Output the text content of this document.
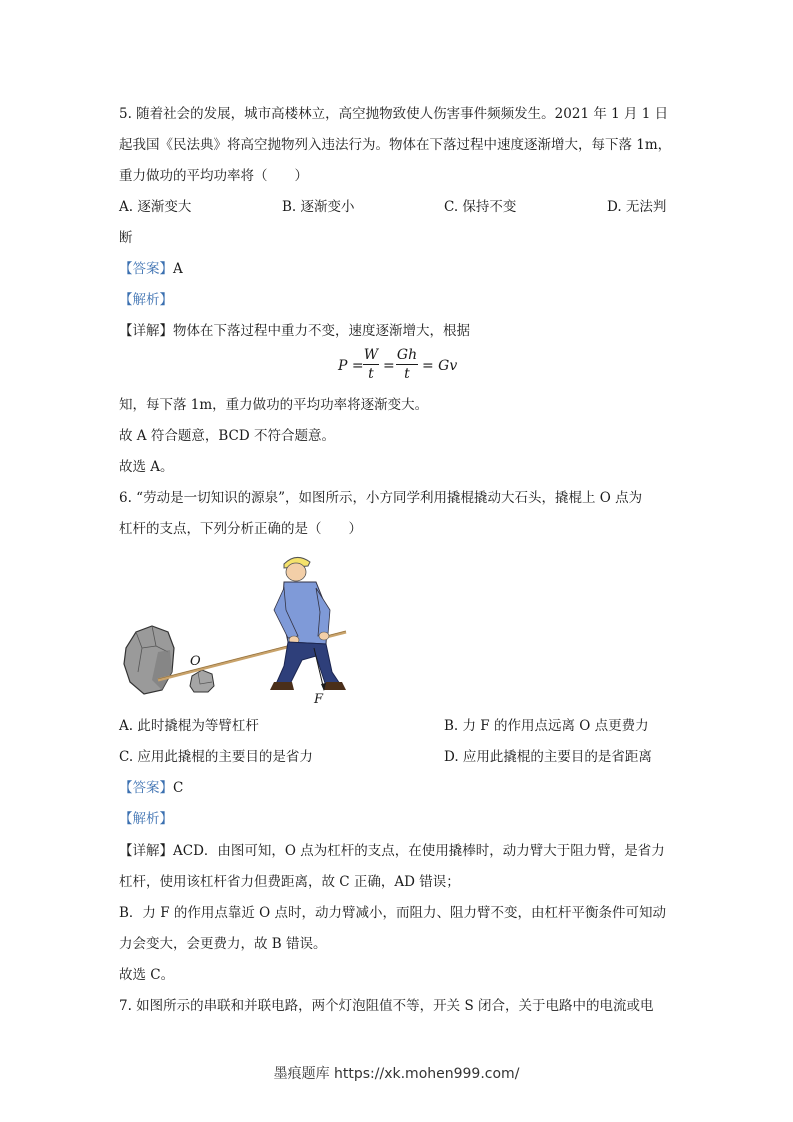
5. 随着社会的发展，城市高楼林立，高空抛物致使人伤害事件频频发生。2021 年 1 月 1 日
起我国《民法典》将高空抛物列入违法行为。物体在下落过程中速度逐渐增大，每下落 1m，
重力做功的平均功率将（　　）
A. 逐渐变大	B. 逐渐变小	C. 保持不变	D. 无法判
断
【答案】A
【解析】
【详解】物体在下落过程中重力不变，速度逐渐增大，根据
P =
W
t =
Gh
t = Gv
知，每下落 1m，重力做功的平均功率将逐渐变大。
故 A 符合题意，BCD 不符合题意。
故选 A。
6. “劳动是一切知识的源泉”，如图所示，小方同学利用撬棍撬动大石头，撬棍上 O 点为
杠杆的支点，下列分析正确的是（　　）
O
F
A. 此时撬棍为等臂杠杆	B. 力 F 的作用点远离 O 点更费力
C. 应用此撬棍的主要目的是省力	D. 应用此撬棍的主要目的是省距离
【答案】C
【解析】
【详解】ACD．由图可知，O 点为杠杆的支点，在使用撬棒时，动力臂大于阻力臂，是省力
杠杆，使用该杠杆省力但费距离，故 C 正确，AD 错误；
B．力 F 的作用点靠近 O 点时，动力臂减小，而阻力、阻力臂不变，由杠杆平衡条件可知动
力会变大，会更费力，故 B 错误。
故选 C。
7. 如图所示的串联和并联电路，两个灯泡阻值不等，开关 S 闭合，关于电路中的电流或电
墨痕题库 https://xk.mohen999.com/
